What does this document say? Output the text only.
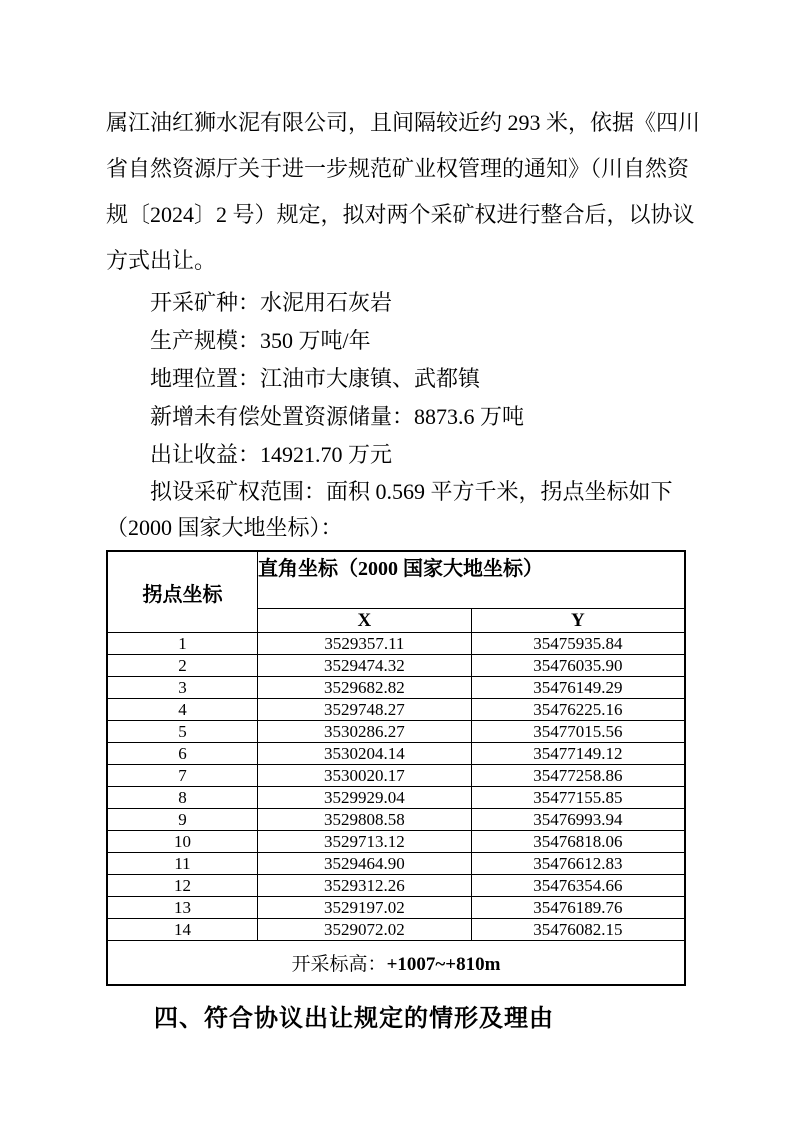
属江油红狮水泥有限公司，且间隔较近约 293 米，依据《四川
省自然资源厅关于进一步规范矿业权管理的通知》（川自然资
规〔2024〕2 号）规定，拟对两个采矿权进行整合后，以协议
方式出让。
开采矿种：水泥用石灰岩
生产规模：350 万吨/年
地理位置：江油市大康镇、武都镇
新增未有偿处置资源储量：8873.6 万吨
出让收益：14921.70 万元
拟设采矿权范围：面积 0.569 平方千米，拐点坐标如下
（2000 国家大地坐标）：
拐点坐标	直角坐标（2000 国家大地坐标）	
	X	Y
1	3529357.11	35475935.84
2	3529474.32	35476035.90
3	3529682.82	35476149.29
4	3529748.27	35476225.16
5	3530286.27	35477015.56
6	3530204.14	35477149.12
7	3530020.17	35477258.86
8	3529929.04	35477155.85
9	3529808.58	35476993.94
10	3529713.12	35476818.06
11	3529464.90	35476612.83
12	3529312.26	35476354.66
13	3529197.02	35476189.76
14	3529072.02	35476082.15
开采标高：+1007~+810m		
四、符合协议出让规定的情形及理由
